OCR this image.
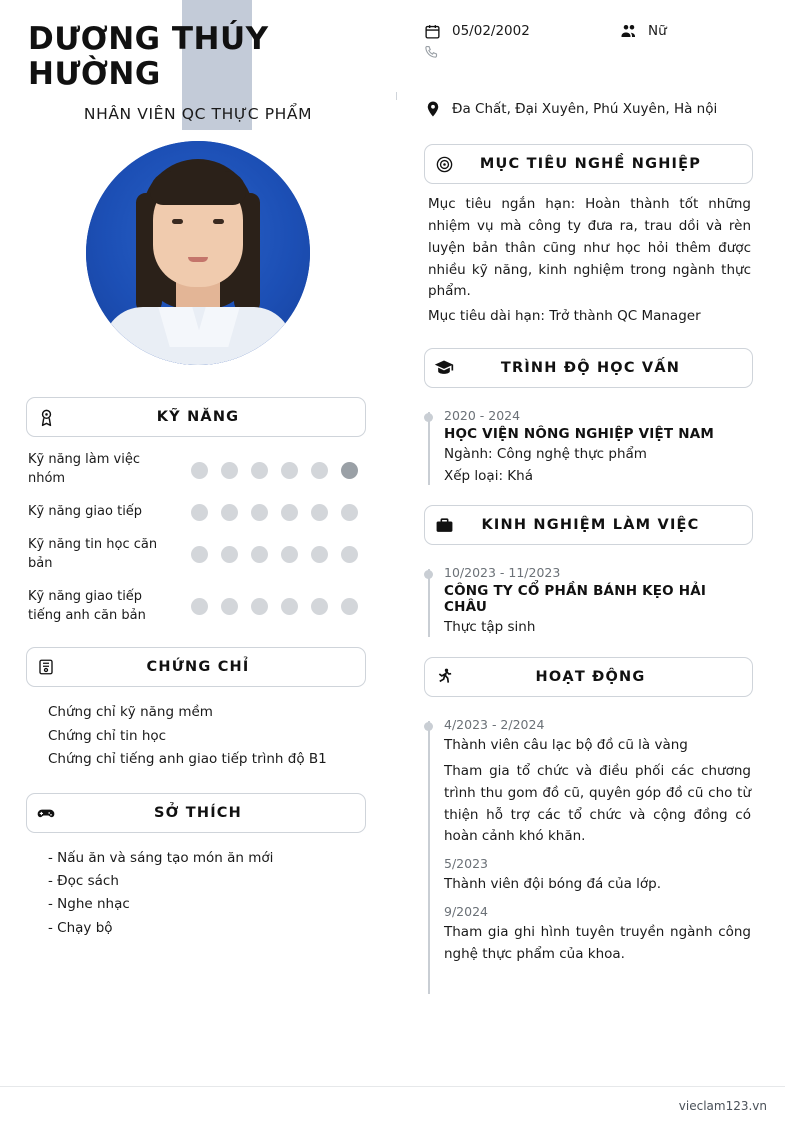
DƯƠNG THÚY HƯỜNG
NHÂN VIÊN QC THỰC PHẨM
KỸ NĂNG
Kỹ năng làm việc nhóm
Kỹ năng giao tiếp
Kỹ năng tin học căn bản
Kỹ năng giao tiếp tiếng anh căn bản
CHỨNG CHỈ
Chứng chỉ kỹ năng mềm
Chứng chỉ tin học
Chứng chỉ tiếng anh giao tiếp trình độ B1
SỞ THÍCH
- Nấu ăn và sáng tạo món ăn mới
- Đọc sách
- Nghe nhạc
- Chạy bộ
05/02/2002	Nữ
Đa Chất, Đại Xuyên, Phú Xuyên, Hà nội
MỤC TIÊU NGHỀ NGHIỆP

Mục tiêu ngắn hạn: Hoàn thành tốt những nhiệm vụ mà công ty đưa ra, trau dồi và rèn luyện bản thân cũng như học hỏi thêm được nhiều kỹ năng, kinh nghiệm trong ngành thực phẩm.

Mục tiêu dài hạn: Trở thành QC Manager

TRÌNH ĐỘ HỌC VẤN
2020 - 2024
HỌC VIỆN NÔNG NGHIỆP VIỆT NAM
Ngành: Công nghệ thực phẩm
Xếp loại: Khá
KINH NGHIỆM LÀM VIỆC
10/2023 - 11/2023
CÔNG TY CỔ PHẦN BÁNH KẸO HẢI CHÂU
Thực tập sinh
HOẠT ĐỘNG
4/2023 - 2/2024
Thành viên câu lạc bộ đồ cũ là vàng
Tham gia tổ chức và điều phối các chương trình thu gom đồ cũ, quyên góp đồ cũ cho từ thiện hỗ trợ các tổ chức và cộng đồng có hoàn cảnh khó khăn.
5/2023
Thành viên đội bóng đá của lớp.
9/2024
Tham gia ghi hình tuyên truyền ngành công nghệ thực phẩm của khoa.
vieclam123.vn
